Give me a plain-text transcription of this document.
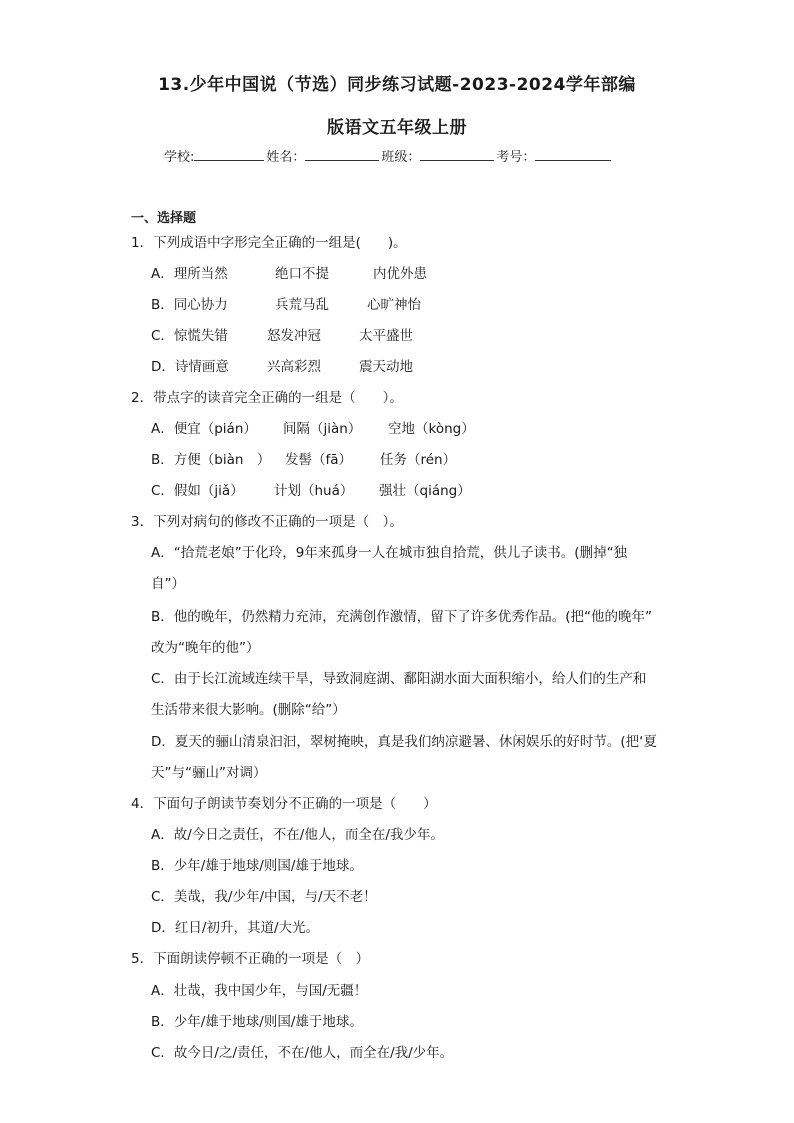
13.少年中国说（节选）同步练习试题-2023-2024学年部编
版语文五年级上册
学校:	姓名：	班级：	考号：
一、选择题
1．下列成语中字形完全正确的一组是(　　)。
A．理所当然	绝口不提	内优外患
B．同心协力	兵荒马乱	心旷神怡
C．惊慌失错	怒发冲冠	太平盛世
D．诗情画意	兴高彩烈	震天动地
2．带点字的读音完全正确的一组是（　　）。
A．便宜（pián）	间隔（jiàn）	空地（kòng）
B．方便（biàn　）	发髻（fā）	任务（rén）
C．假如（jiǎ）	计划（huá）	强壮（qiáng）
3．下列对病句的修改不正确的一项是（　）。
A．“拾荒老娘”于化玲，9年来孤身一人在城市独自拾荒，供儿子读书。(删掉“独
自”）
B．他的晚年，仍然精力充沛，充满创作激情，留下了许多优秀作品。(把“他的晚年”
改为“晚年的他”）
C．由于长江流域连续干旱，导致洞庭湖、鄱阳湖水面大面积缩小，给人们的生产和
生活带来很大影响。(删除“给”）
D．夏天的骊山清泉汩汩，翠树掩映，真是我们纳凉避暑、休闲娱乐的好时节。(把‘夏
天”与“骊山”对调）
4．下面句子朗读节奏划分不正确的一项是（　　）
A．故/今日之责任，不在/他人，而全在/我少年。
B．少年/雄于地球/则国/雄于地球。
C．美哉，我/少年/中国，与/天不老！
D．红日/初升，其道/大光。
5．下面朗读停顿不正确的一项是（　）
A．壮哉，我中国少年，与国/无疆！
B．少年/雄于地球/则国/雄于地球。
C．故今日/之/责任，不在/他人，而全在/我/少年。
